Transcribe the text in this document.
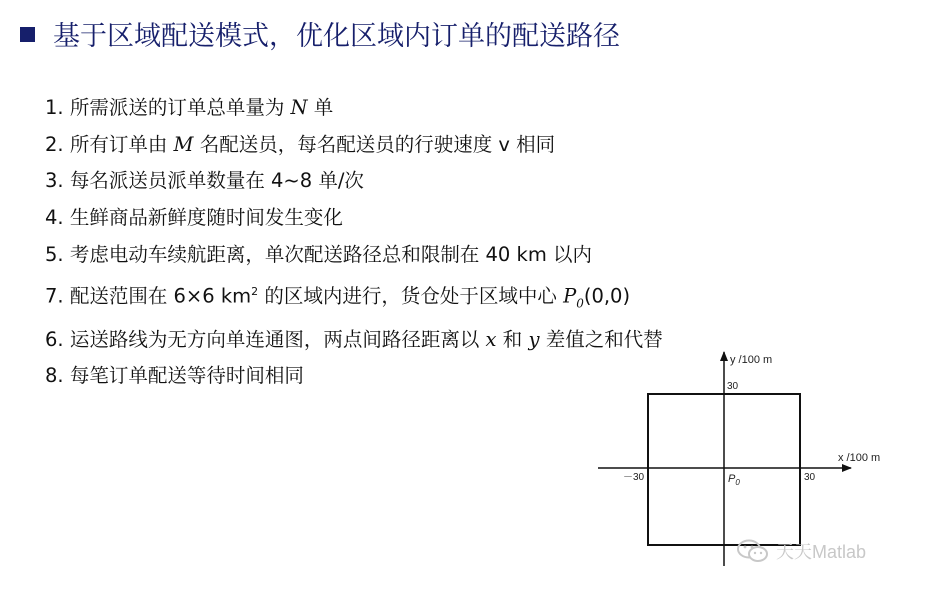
基于区域配送模式，优化区域内订单的配送路径
1. 所需派送的订单总单量为 N 单
2. 所有订单由 M 名配送员，每名配送员的行驶速度 v 相同
3. 每名派送员派单数量在 4~8 单/次
4. 生鲜商品新鲜度随时间发生变化
5. 考虑电动车续航距离，单次配送路径总和限制在 40 km 以内
7. 配送范围在 6×6 $km^2$ 的区域内进行，货仓处于区域中心 $P_0(0,0)$
6. 运送路线为无方向单连通图，两点间路径距离以 x 和 y 差值之和代替
8. 每笔订单配送等待时间相同
y /100 m
x /100 m
30
－30	30
$P_0$
天天Matlab
